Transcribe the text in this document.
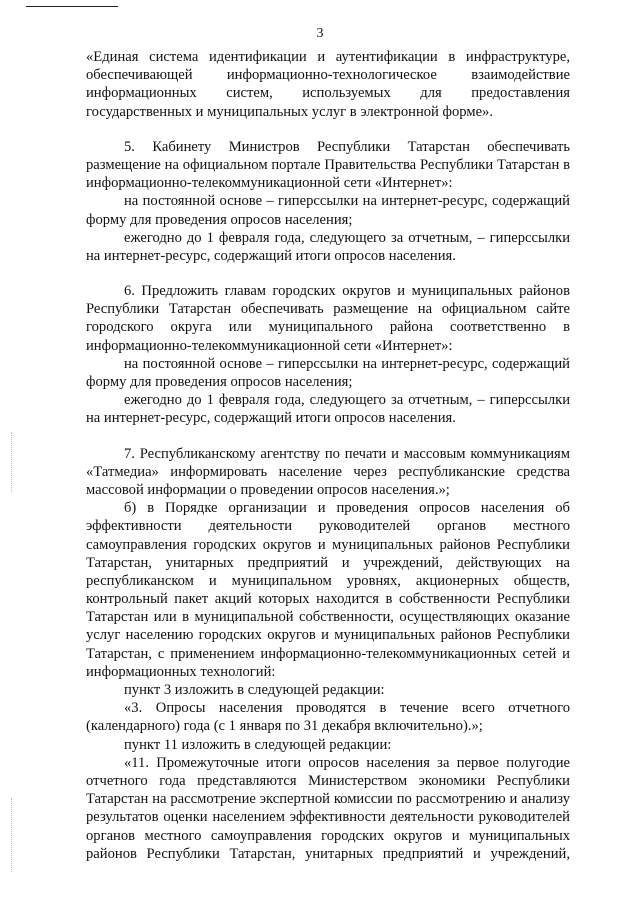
3
«Единая система идентификации и аутентификации в инфраструктуре,
обеспечивающей информационно-технологическое взаимодействие
информационных систем, используемых для предоставления
государственных и муниципальных услуг в электронной форме».
5. Кабинету Министров Республики Татарстан обеспечивать
размещение на официальном портале Правительства Республики Татарстан в
информационно-телекоммуникационной сети «Интернет»:
на постоянной основе – гиперссылки на интернет-ресурс, содержащий
форму для проведения опросов населения;
ежегодно до 1 февраля года, следующего за отчетным, – гиперссылки
на интернет-ресурс, содержащий итоги опросов населения.
6. Предложить главам городских округов и муниципальных районов
Республики Татарстан обеспечивать размещение на официальном сайте
городского округа или муниципального района соответственно в
информационно-телекоммуникационной сети «Интернет»:
на постоянной основе – гиперссылки на интернет-ресурс, содержащий
форму для проведения опросов населения;
ежегодно до 1 февраля года, следующего за отчетным, – гиперссылки
на интернет-ресурс, содержащий итоги опросов населения.
7. Республиканскому агентству по печати и массовым коммуникациям
«Татмедиа» информировать население через республиканские средства
массовой информации о проведении опросов населения.»;
б) в Порядке организации и проведения опросов населения об
эффективности деятельности руководителей органов местного
самоуправления городских округов и муниципальных районов Республики
Татарстан, унитарных предприятий и учреждений, действующих на
республиканском и муниципальном уровнях, акционерных обществ,
контрольный пакет акций которых находится в собственности Республики
Татарстан или в муниципальной собственности, осуществляющих оказание
услуг населению городских округов и муниципальных районов Республики
Татарстан, с применением информационно-телекоммуникационных сетей и
информационных технологий:
пункт 3 изложить в следующей редакции:
«3. Опросы населения проводятся в течение всего отчетного
(календарного) года (с 1 января по 31 декабря включительно).»;
пункт 11 изложить в следующей редакции:
«11. Промежуточные итоги опросов населения за первое полугодие
отчетного года представляются Министерством экономики Республики
Татарстан на рассмотрение экспертной комиссии по рассмотрению и анализу
результатов оценки населением эффективности деятельности руководителей
органов местного самоуправления городских округов и муниципальных
районов Республики Татарстан, унитарных предприятий и учреждений,
